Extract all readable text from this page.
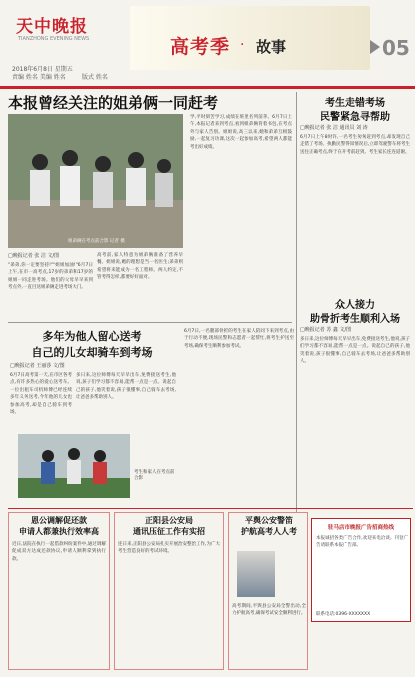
天中晚报
TIANZHONG EVENING NEWS
2018年6月8日 星期五
责编 姓名 美编 姓名	版式 姓名
高考季 · 故事	05
本报曾经关注的姐弟俩一同赶考
姐弟俩在考点前合影 记者 摄
□晚报记者 张 洁 文/图
"弟弟,你一定要坚持!""姐姐加油!"6月7日上午,在市一高考点,17岁的弟弟和17岁的姐姐一同走进考场。他们的父母早早来到考点外,一直目送姐弟俩走进考场大门。
高考前,家人特意为姐弟俩准备了营养早餐。姐姐说,她的理想是当一名医生;弟弟则希望将来能成为一名工程师。两人约定,不管考得怎样,都要好好面对。
学,平时刻苦学习,成绩在班里名列前茅。6月7日上午,本报记者来到考点,看到姐弟俩背着书包,在考点外与家人告别。姐姐说,高三以来,她和弟弟互相鼓励,一起复习功课,这次一起参加高考,希望两人都能考出好成绩。
多年为他人留心送考
自己的儿女却骑车到考场
□晚报记者 王丽莎 文/图
6月7日高考第一天,在市区各考点,有许多热心的爱心送考车。一位出租车司机师傅已经连续多年义务送考,今年他的儿女也参加高考,却是自己骑车到考场。
多日来,这位师傅每天早早出车,免费接送考生,他说,孩子们学习都不容易,能帮一点是一点。说起自己的孩子,他笑着说,孩子很懂事,自己骑车去考场,让爸爸多帮助别人。
考生和家人在考点前合影
6月7日,一名腿部骨折的考生在家人陪同下来到考点,由于行动不便,现场民警和志愿者一起帮忙,将考生护送至考场,确保考生顺利参加考试。
考生走错考场
民警紧急寻帮助
□晚报记者 张 洁 通讯员 刘 涛
6月7日上午8时许,一名考生匆匆赶到考点,却发现自己走错了考场。执勤民警得知情况后,立即驾驶警车将考生送往正确考点,终于在开考前赶到。考生家长连连道谢。
众人接力
助骨折考生顺利入场
□晚报记者 苏 鑫 文/图
多日来,这位师傅每天早早出车,免费接送考生,他说,孩子们学习都不容易,能帮一点是一点。说起自己的孩子,他笑着说,孩子很懂事,自己骑车去考场,让爸爸多帮助别人。
恩公调解促还款
申请人都兼执行效率高
近日,法院在执行一起借款纠纷案件中,通过调解促成双方达成还款协议,申请人顺利拿到执行款。
正阳县公安局
通讯压征工作有实招
连日来,正阳县公安局扎实开展治安整治工作,为广大考生营造良好的考试环境。
平舆公安警笛
护航高考人人考
高考期间,平舆县公安局全警出动,全力护航高考,确保考试安全顺利进行。
驻马店市晚报广告招商热线
本报诚招各类广告合作,欢迎来电洽谈。刊登广告请联系本报广告部。
联系电话:0396-XXXXXXX
